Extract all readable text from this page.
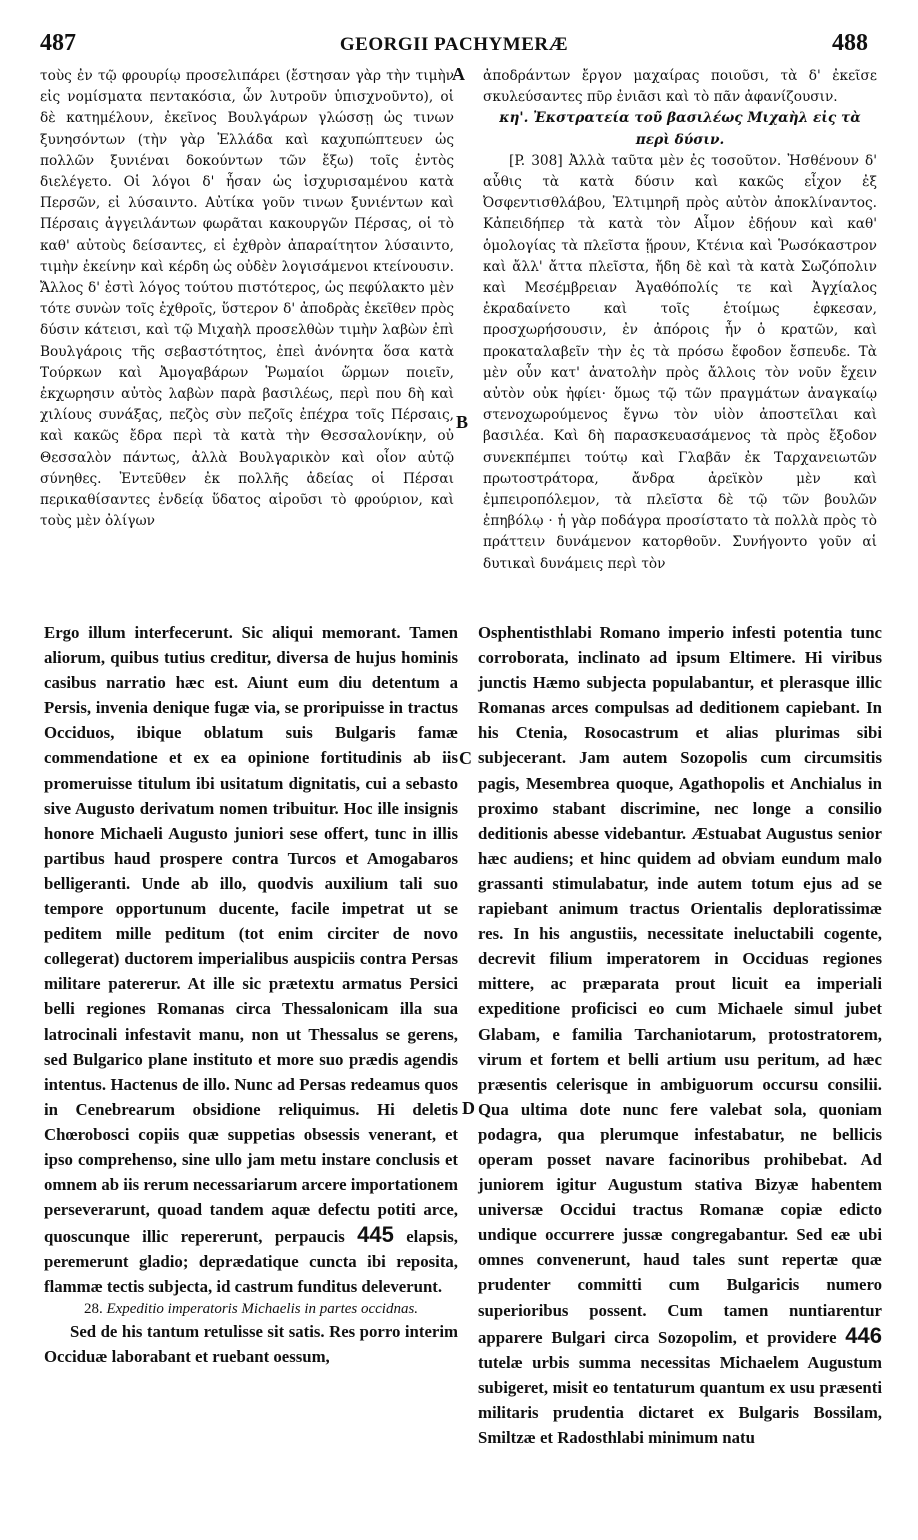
487	GEORGII PACHYMERÆ	488
A
B
C
D

τοὺς ἐν τῷ φρουρίῳ προσελιπάρει (ἔστησαν γὰρ τὴν τιμὴν εἰς νομίσματα πεντακόσια, ὧν λυτροῦν ὑπισχνοῦντο), οἱ δὲ κατημέλουν, ἐκεῖνος Βουλγάρων γλώσσῃ ὡς τινων ξυνησόντων (τὴν γὰρ Ἑλλάδα καὶ καχυπώπτευεν ὡς πολλῶν ξυνιέναι δοκούντων τῶν ἔξω) τοῖς ἐντὸς διελέγετο. Οἱ λόγοι δ' ἦσαν ὡς ἰσχυρισαμένου κατὰ Περσῶν, εἰ λύσαιντο. Αὐτίκα γοῦν τινων ξυνιέντων καὶ Πέρσαις ἀγγειλάντων φωρᾶται κακουργῶν Πέρσας, οἱ τὸ καθ' αὐτοὺς δείσαντες, εἰ ἐχθρὸν ἀπαραίτητον λύσαιντο, τιμὴν ἐκείνην καὶ κέρδη ὡς οὐδὲν λογισάμενοι κτείνουσιν. Ἄλλος δ' ἐστὶ λόγος τούτου πιστότερος, ὡς πεφύλακτο μὲν τότε συνὼν τοῖς ἐχθροῖς, ὕστερον δ' ἀποδρὰς ἐκεῖθεν πρὸς δύσιν κάτεισι, καὶ τῷ Μιχαὴλ προσελθὼν τιμὴν λαβὼν ἐπὶ Βουλγάροις τῆς σεβαστότητος, ἐπεὶ ἀνόνητα ὅσα κατὰ Τούρκων καὶ Ἀμογαβάρων Ῥωμαίοι ὥρμων ποιεῖν, ἐκχωρησιν αὐτὸς λαβὼν παρὰ βασιλέως, περὶ που δὴ καὶ χιλίους συνάξας, πεζὸς σὺν πεζοῖς ἐπέχρα τοῖς Πέρσαις, καὶ κακῶς ἔδρα περὶ τὰ κατὰ τὴν Θεσσαλονίκην, οὐ Θεσσαλὸν πάντως, ἀλλὰ Βουλγαρικὸν καὶ οἷον αὐτῷ σύνηθες. Ἐντεῦθεν ἐκ πολλῆς ἀδείας οἱ Πέρσαι περικαθίσαντες ἐνδείᾳ ὕδατος αἱροῦσι τὸ φρούριον, καὶ τοὺς μὲν ὀλίγων

ἀποδράντων ἔργον μαχαίρας ποιοῦσι, τὰ δ' ἐκεῖσε σκυλεύσαντες πῦρ ἐνιᾶσι καὶ τὸ πᾶν ἀφανίζουσιν.

κη'. Ἐκστρατεία τοῦ βασιλέως Μιχαὴλ εἰς τὰ περὶ δύσιν.

[P. 308] Ἀλλὰ ταῦτα μὲν ἐς τοσοῦτον. Ἠσθένουν δ' αὖθις τὰ κατὰ δύσιν καὶ κακῶς εἶχον ἐξ Ὀσφεντισθλάβου, Ἐλτιμηρῆ πρὸς αὐτὸν ἀποκλίναντος. Κἀπειδήπερ τὰ κατὰ τὸν Αἶμον ἐδῄουν καὶ καθ' ὁμολογίας τὰ πλεῖστα ᾕρουν, Κτένια καὶ Ῥωσόκαστρον καὶ ἄλλ' ἄττα πλεῖστα, ἤδη δὲ καὶ τὰ κατὰ Σωζόπολιν καὶ Μεσέμβρειαν Ἀγαθόπολίς τε καὶ Ἀγχίαλος ἐκραδαίνετο καὶ τοῖς ἑτοίμως ἐφκεσαν, προσχωρήσουσιν, ἐν ἀπόροις ἦν ὁ κρατῶν, καὶ προκαταλαβεῖν τὴν ἐς τὰ πρόσω ἔφοδον ἔσπευδε. Τὰ μὲν οὖν κατ' ἀνατολὴν πρὸς ἄλλοις τὸν νοῦν ἔχειν αὐτὸν οὐκ ἠφίει· ὅμως τῷ τῶν πραγμάτων ἀναγκαίῳ στενοχωρούμενος ἔγνω τὸν υἱὸν ἀποστεῖλαι καὶ βασιλέα. Καὶ δὴ παρασκευασάμενος τὰ πρὸς ἔξοδον συνεκπέμπει τούτῳ καὶ Γλαβᾶν ἐκ Ταρχανειωτῶν πρωτοστράτορα, ἄνδρα ἀρεϊκὸν μὲν καὶ ἐμπειροπόλεμον, τὰ πλεῖστα δὲ τῷ τῶν βουλῶν ἐπηβόλῳ · ἡ γὰρ ποδάγρα προσίστατο τὰ πολλὰ πρὸς τὸ πράττειν δυνάμενον κατορθοῦν. Συνήγοντο γοῦν αἱ δυτικαὶ δυνάμεις περὶ τὸν

Ergo illum interfecerunt. Sic aliqui memorant. Tamen aliorum, quibus tutius creditur, diversa de hujus hominis casibus narratio hæc est. Aiunt eum diu detentum a Persis, invenia denique fugæ via, se proripuisse in tractus Occiduos, ibique oblatum suis Bulgaris famæ commendatione et ex ea opinione fortitudinis ab iis promeruisse titulum ibi usitatum dignitatis, cui a sebasto sive Augusto derivatum nomen tribuitur. Hoc ille insignis honore Michaeli Augusto juniori sese offert, tunc in illis partibus haud prospere contra Turcos et Amogabaros belligeranti. Unde ab illo, quodvis auxilium tali suo tempore opportunum ducente, facile impetrat ut se peditem mille peditum (tot enim circiter de novo collegerat) ductorem imperialibus auspiciis contra Persas militare patererur. At ille sic prætextu armatus Persici belli regiones Romanas circa Thessalonicam illa sua latrocinali infestavit manu, non ut Thessalus se gerens, sed Bulgarico plane instituto et more suo prædis agendis intentus. Hactenus de illo. Nunc ad Persas redeamus quos in Cenebrearum obsidione reliquimus. Hi deletis Chœrobosci copiis quæ suppetias obsessis venerant, et ipso comprehenso, sine ullo jam metu instare conclusis et omnem ab iis rerum necessariarum arcere importationem perseverarunt, quoad tandem aquæ defectu potiti arce, quoscunque illic repererunt, perpaucis 445 elapsis, peremerunt gladio; deprædatique cuncta ibi reposita, flammæ tectis subjecta, id castrum funditus deleverunt.

28. Expeditio imperatoris Michaelis in partes occidnas.

Sed de his tantum retulisse sit satis. Res porro interim Occiduæ laborabant et ruebant oessum,

Osphentisthlabi Romano imperio infesti potentia tunc corroborata, inclinato ad ipsum Eltimere. Hi viribus junctis Hæmo subjecta populabantur, et plerasque illic Romanas arces compulsas ad deditionem capiebant. In his Ctenia, Rosocastrum et alias plurimas sibi subjecerant. Jam autem Sozopolis cum circumsitis pagis, Mesembrea quoque, Agathopolis et Anchialus in proximo stabant discrimine, nec longe a consilio deditionis abesse videbantur. Æstuabat Augustus senior hæc audiens; et hinc quidem ad obviam eundum malo grassanti stimulabatur, inde autem totum ejus ad se rapiebant animum tractus Orientalis deploratissimæ res. In his angustiis, necessitate ineluctabili cogente, decrevit filium imperatorem in Occiduas regiones mittere, ac præparata prout licuit ea imperiali expeditione proficisci eo cum Michaele simul jubet Glabam, e familia Tarchaniotarum, protostratorem, virum et fortem et belli artium usu peritum, ad hæc præsentis celerisque in ambiguorum occursu consilii. Qua ultima dote nunc fere valebat sola, quoniam podagra, qua plerumque infestabatur, ne bellicis operam posset navare facinoribus prohibebat. Ad juniorem igitur Augustum stativa Bizyæ habentem universæ Occidui tractus Romanæ copiæ edicto undique occurrere jussæ congregabantur. Sed eæ ubi omnes convenerunt, haud tales sunt repertæ quæ prudenter committi cum Bulgaricis numero superioribus possent. Cum tamen nuntiarentur apparere Bulgari circa Sozopolim, et providere 446 tutelæ urbis summa necessitas Michaelem Augustum subigeret, misit eo tentaturum quantum ex usu præsenti militaris prudentia dictaret ex Bulgaris Bossilam, Smiltzæ et Radosthlabi minimum natu
